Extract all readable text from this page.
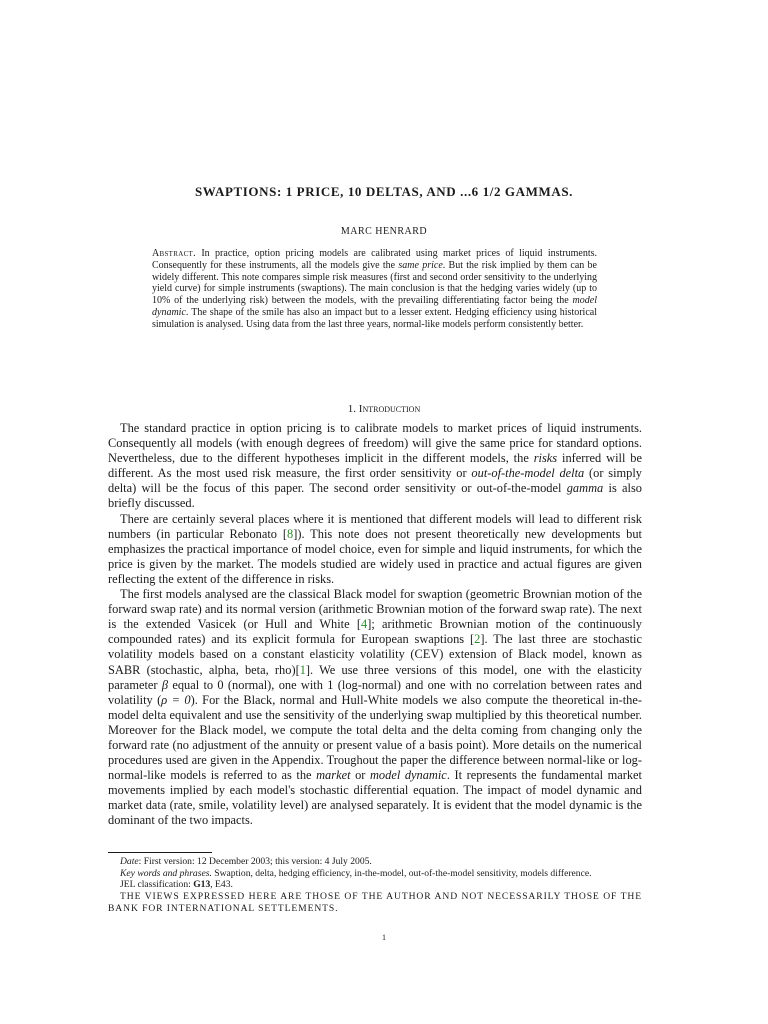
SWAPTIONS: 1 PRICE, 10 DELTAS, AND ...6 1/2 GAMMAS.
MARC HENRARD
Abstract. In practice, option pricing models are calibrated using market prices of liquid instruments. Consequently for these instruments, all the models give the same price. But the risk implied by them can be widely different. This note compares simple risk measures (first and second order sensitivity to the underlying yield curve) for simple instruments (swaptions). The main conclusion is that the hedging varies widely (up to 10% of the underlying risk) between the models, with the prevailing differentiating factor being the model dynamic. The shape of the smile has also an impact but to a lesser extent. Hedging efficiency using historical simulation is analysed. Using data from the last three years, normal-like models perform consistently better.
1. Introduction

The standard practice in option pricing is to calibrate models to market prices of liquid instruments. Consequently all models (with enough degrees of freedom) will give the same price for standard options. Nevertheless, due to the different hypotheses implicit in the different models, the risks inferred will be different. As the most used risk measure, the first order sensitivity or out-of-the-model delta (or simply delta) will be the focus of this paper. The second order sensitivity or out-of-the-model gamma is also briefly discussed.

There are certainly several places where it is mentioned that different models will lead to different risk numbers (in particular Rebonato [8]). This note does not present theoretically new developments but emphasizes the practical importance of model choice, even for simple and liquid instruments, for which the price is given by the market. The models studied are widely used in practice and actual figures are given reflecting the extent of the difference in risks.

The first models analysed are the classical Black model for swaption (geometric Brownian motion of the forward swap rate) and its normal version (arithmetic Brownian motion of the forward swap rate). The next is the extended Vasicek (or Hull and White [4]; arithmetic Brownian motion of the continuously compounded rates) and its explicit formula for European swaptions [2]. The last three are stochastic volatility models based on a constant elasticity volatility (CEV) extension of Black model, known as SABR (stochastic, alpha, beta, rho)[1]. We use three versions of this model, one with the elasticity parameter β equal to 0 (normal), one with 1 (log-normal) and one with no correlation between rates and volatility (ρ = 0). For the Black, normal and Hull-White models we also compute the theoretical in-the-model delta equivalent and use the sensitivity of the underlying swap multiplied by this theoretical number. Moreover for the Black model, we compute the total delta and the delta coming from changing only the forward rate (no adjustment of the annuity or present value of a basis point). More details on the numerical procedures used are given in the Appendix. Troughout the paper the difference between normal-like or log-normal-like models is referred to as the market or model dynamic. It represents the fundamental market movements implied by each model's stochastic differential equation. The impact of model dynamic and market data (rate, smile, volatility level) are analysed separately. It is evident that the model dynamic is the dominant of the two impacts.

Date: First version: 12 December 2003; this version: 4 July 2005.

Key words and phrases. Swaption, delta, hedging efficiency, in-the-model, out-of-the-model sensitivity, models difference.

JEL classification: G13, E43.

THE VIEWS EXPRESSED HERE ARE THOSE OF THE AUTHOR AND NOT NECESSARILY THOSE OF THE BANK FOR INTERNATIONAL SETTLEMENTS.

1
